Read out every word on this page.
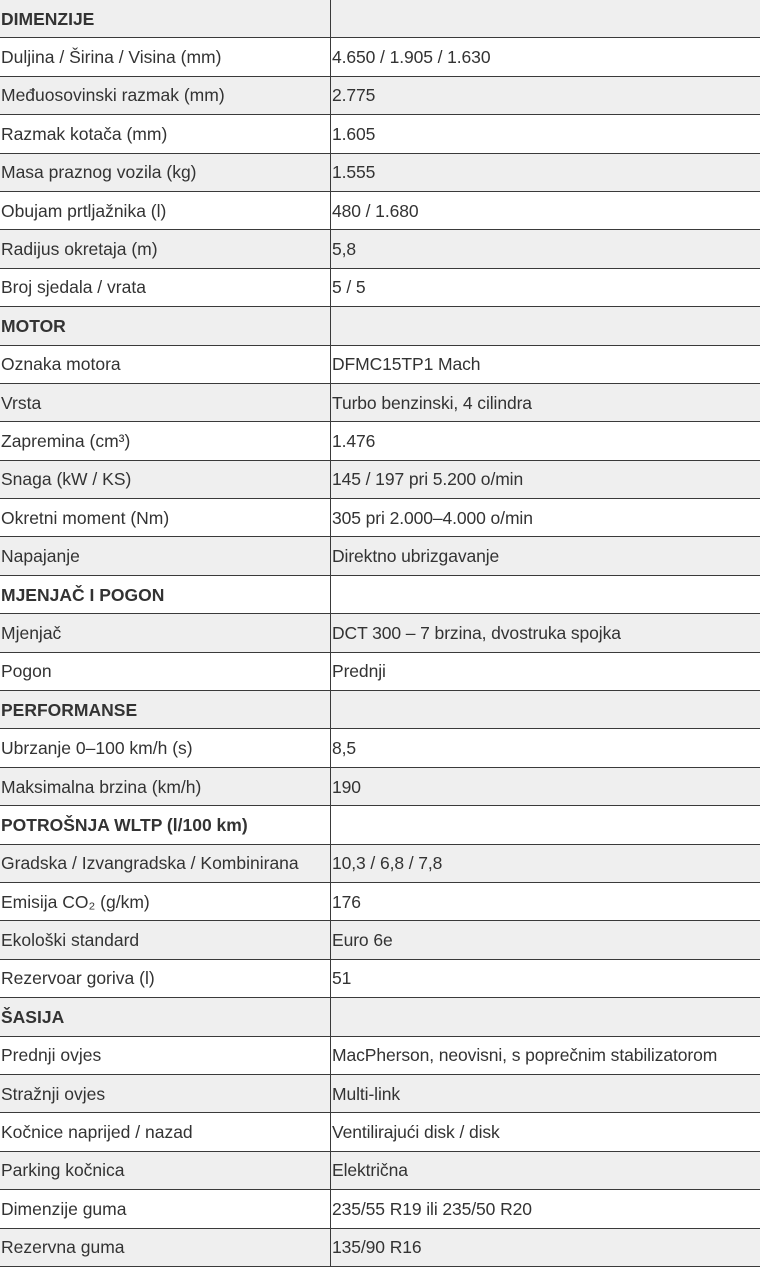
DIMENZIJE	
Duljina / Širina / Visina (mm)	4.650 / 1.905 / 1.630
Međuosovinski razmak (mm)	2.775
Razmak kotača (mm)	1.605
Masa praznog vozila (kg)	1.555
Obujam prtljažnika (l)	480 / 1.680
Radijus okretaja (m)	5,8
Broj sjedala / vrata	5 / 5
MOTOR	
Oznaka motora	DFMC15TP1 Mach
Vrsta	Turbo benzinski, 4 cilindra
Zapremina (cm³)	1.476
Snaga (kW / KS)	145 / 197 pri 5.200 o/min
Okretni moment (Nm)	305 pri 2.000–4.000 o/min
Napajanje	Direktno ubrizgavanje
MJENJAČ I POGON	
Mjenjač	DCT 300 – 7 brzina, dvostruka spojka
Pogon	Prednji
PERFORMANSE	
Ubrzanje 0–100 km/h (s)	8,5
Maksimalna brzina (km/h)	190
POTROŠNJA WLTP (l/100 km)	
Gradska / Izvangradska / Kombinirana	10,3 / 6,8 / 7,8
Emisija CO₂ (g/km)	176
Ekološki standard	Euro 6e
Rezervoar goriva (l)	51
ŠASIJA	
Prednji ovjes	MacPherson, neovisni, s poprečnim stabilizatorom
Stražnji ovjes	Multi-link
Kočnice naprijed / nazad	Ventilirajući disk / disk
Parking kočnica	Električna
Dimenzije guma	235/55 R19 ili 235/50 R20
Rezervna guma	135/90 R16
